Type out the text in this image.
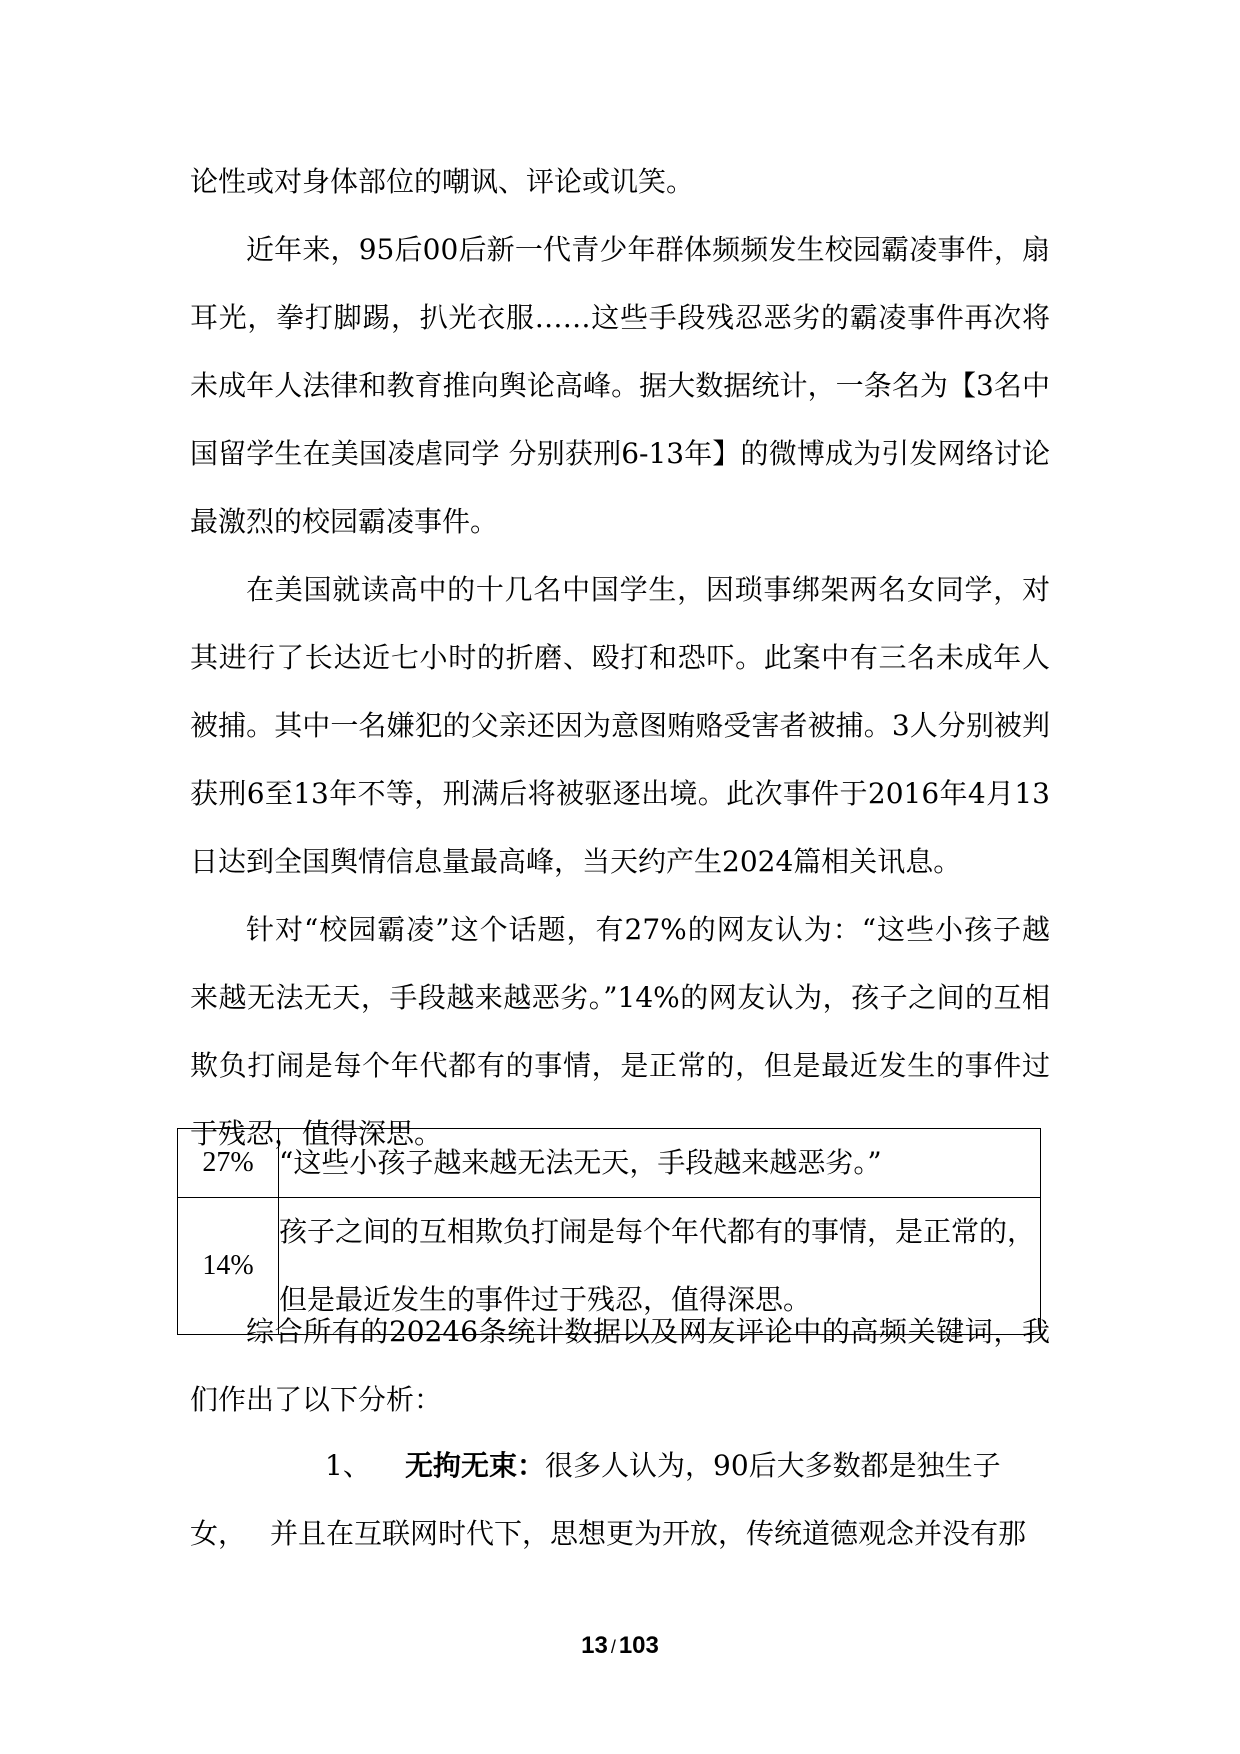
论性或对身体部位的嘲讽、评论或讥笑。

近年来，95后00后新一代青少年群体频频发生校园霸凌事件，扇耳光，拳打脚踢，扒光衣服……这些手段残忍恶劣的霸凌事件再次将未成年人法律和教育推向舆论高峰。据大数据统计，一条名为【3名中国留学生在美国凌虐同学 分别获刑6-13年】的微博成为引发网络讨论最激烈的校园霸凌事件。

在美国就读高中的十几名中国学生，因琐事绑架两名女同学，对其进行了长达近七小时的折磨、殴打和恐吓。此案中有三名未成年人被捕。其中一名嫌犯的父亲还因为意图贿赂受害者被捕。3人分别被判获刑6至13年不等，刑满后将被驱逐出境。此次事件于2016年4月13日达到全国舆情信息量最高峰，当天约产生2024篇相关讯息。

针对“校园霸凌”这个话题，有27%的网友认为：“这些小孩子越来越无法无天，手段越来越恶劣。”14%的网友认为，孩子之间的互相欺负打闹是每个年代都有的事情，是正常的，但是最近发生的事件过于残忍，值得深思。

27%	“这些小孩子越来越无法无天，手段越来越恶劣。”
14%	孩子之间的互相欺负打闹是每个年代都有的事情，是正常的，但是最近发生的事件过于残忍，值得深思。

综合所有的20246条统计数据以及网友评论中的高频关键词，我们作出了以下分析：

1、 无拘无束：很多人认为，90后大多数都是独生子女， 并且在互联网时代下，思想更为开放，传统道德观念并没有那

13 / 103
